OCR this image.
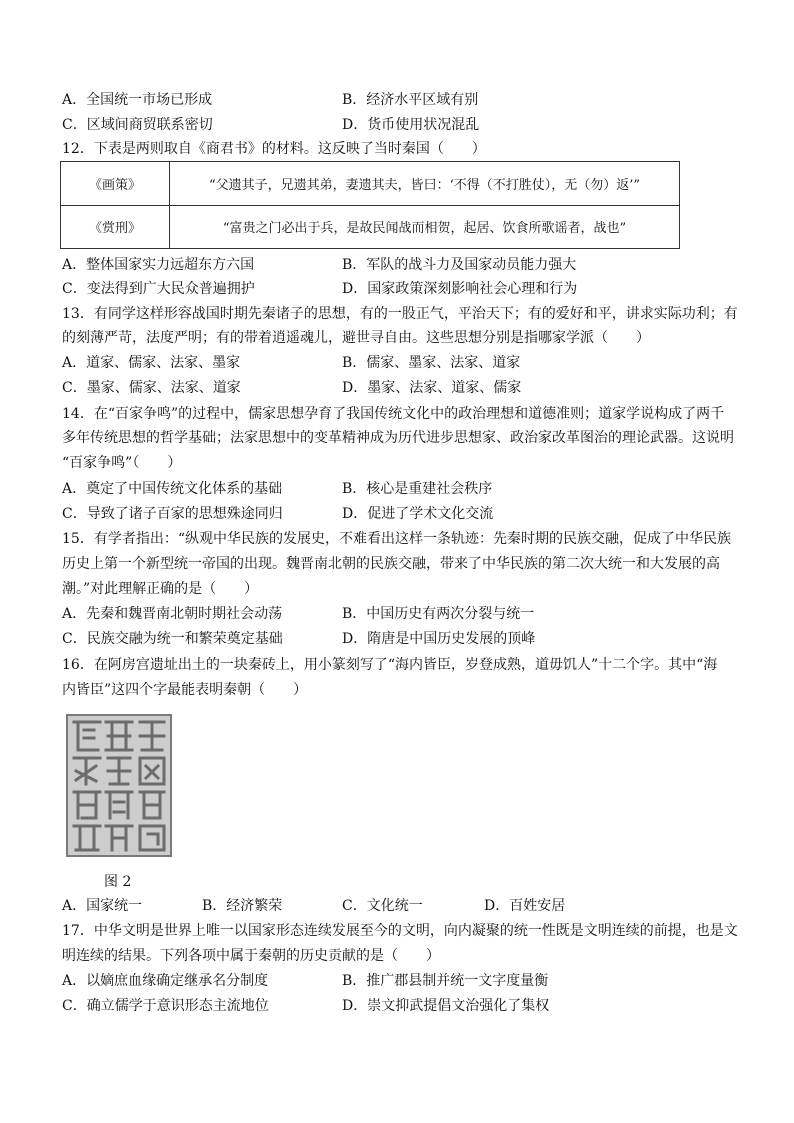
A．全国统一市场已形成	B．经济水平区域有别
C．区域间商贸联系密切	D．货币使用状况混乱
12．下表是两则取自《商君书》的材料。这反映了当时秦国（　　）
《画策》	“父遗其子，兄遗其弟，妻遗其夫，皆曰：‘不得（不打胜仗），无（勿）返’”
《赏刑》	“富贵之门必出于兵，是故民闻战而相贺，起居、饮食所歌谣者，战也”
A．整体国家实力远超东方六国	B．军队的战斗力及国家动员能力强大
C．变法得到广大民众普遍拥护	D．国家政策深刻影响社会心理和行为
13．有同学这样形容战国时期先秦诸子的思想，有的一股正气，平治天下；有的爱好和平，讲求实际功利；有
的刻薄严苛，法度严明；有的带着逍遥魂儿，避世寻自由。这些思想分别是指哪家学派（　　）
A．道家、儒家、法家、墨家	B．儒家、墨家、法家、道家
C．墨家、儒家、法家、道家	D．墨家、法家、道家、儒家
14．在“百家争鸣”的过程中，儒家思想孕育了我国传统文化中的政治理想和道德准则；道家学说构成了两千
多年传统思想的哲学基础；法家思想中的变革精神成为历代进步思想家、政治家改革图治的理论武器。这说明
“百家争鸣”（　　）
A．奠定了中国传统文化体系的基础	B．核心是重建社会秩序
C．导致了诸子百家的思想殊途同归	D．促进了学术文化交流
15．有学者指出：“纵观中华民族的发展史，不难看出这样一条轨迹：先秦时期的民族交融，促成了中华民族
历史上第一个新型统一帝国的出现。魏晋南北朝的民族交融，带来了中华民族的第二次大统一和大发展的高
潮。”对此理解正确的是（　　）
A．先秦和魏晋南北朝时期社会动荡	B．中国历史有两次分裂与统一
C．民族交融为统一和繁荣奠定基础	D．隋唐是中国历史发展的顶峰
16．在阿房宫遗址出土的一块秦砖上，用小篆刻写了“海内皆臣，岁登成熟，道毋饥人”十二个字。其中“海
内皆臣”这四个字最能表明秦朝（　　）
图 2
A．国家统一	B．经济繁荣	C．文化统一	D．百姓安居
17．中华文明是世界上唯一以国家形态连续发展至今的文明，向内凝聚的统一性既是文明连续的前提，也是文
明连续的结果。下列各项中属于秦朝的历史贡献的是（　　）
A．以嫡庶血缘确定继承名分制度	B．推广郡县制并统一文字度量衡
C．确立儒学于意识形态主流地位	D．崇文抑武提倡文治强化了集权
